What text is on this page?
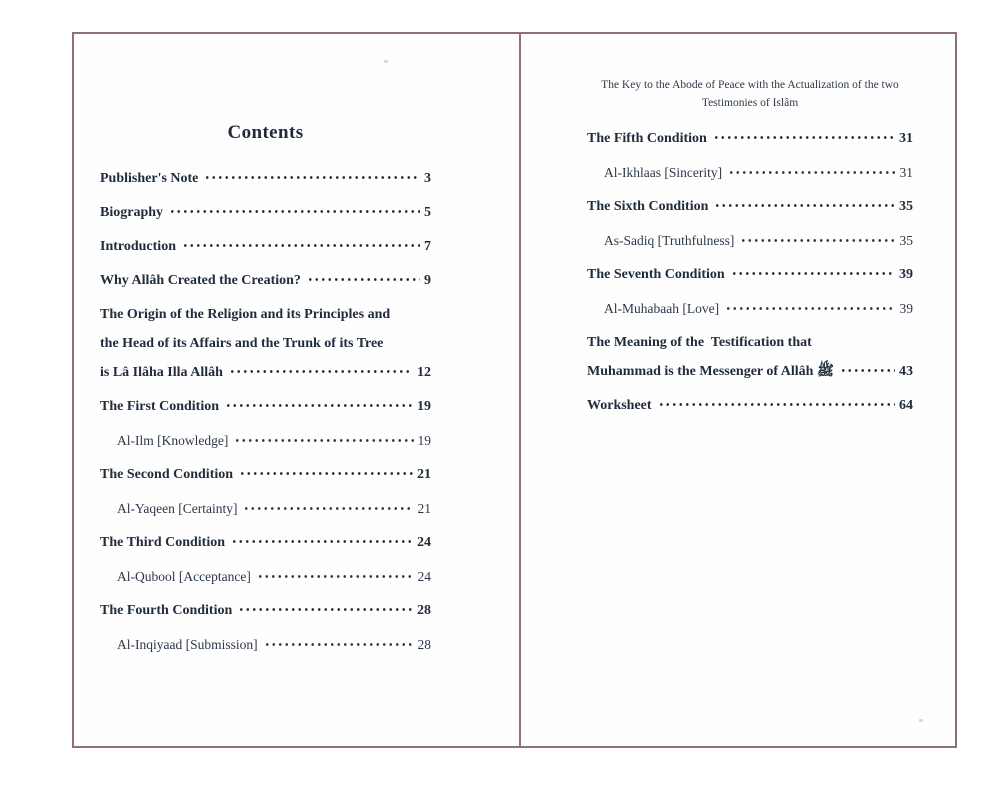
Contents
Publisher's Note	3
Biography	5
Introduction	7
Why Allâh Created the Creation?	9
The Origin of the Religion and its Principles and
the Head of its Affairs and the Trunk of its Tree
is Lâ Ilâha Illa Allâh	12
The First Condition	19
Al-Ilm [Knowledge]	19
The Second Condition	21
Al-Yaqeen [Certainty]	21
The Third Condition	24
Al-Qubool [Acceptance]	24
The Fourth Condition	28
Al-Inqiyaad [Submission]	28
The Key to the Abode of Peace with the Actualization of the two
Testimonies of Islâm
The Fifth Condition	31
Al-Ikhlaas [Sincerity]	31
The Sixth Condition	35
As-Sadiq [Truthfulness]	35
The Seventh Condition	39
Al-Muhabaah [Love]	39
The Meaning of the  Testification that
Muhammad is the Messenger of Allâh ﷺ	43
Worksheet	64
